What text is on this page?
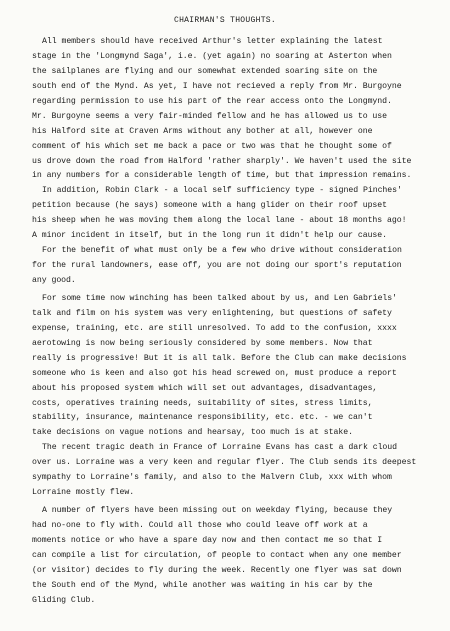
CHAIRMAN'S THOUGHTS.
All members should have received Arthur's letter explaining the latest
stage in the 'Longmynd Saga', i.e. (yet again) no soaring at Asterton when
the sailplanes are flying and our somewhat extended soaring site on the
south end of the Mynd. As yet, I have not recieved a reply from Mr. Burgoyne
regarding permission to use his part of the rear access onto the Longmynd.
Mr. Burgoyne seems a very fair-minded fellow and he has allowed us to use
his Halford site at Craven Arms without any bother at all, however one
comment of his which set me back a pace or two was that he thought some of
us drove down the road from Halford 'rather sharply'. We haven't used the site
in any numbers for a considerable length of time, but that impression remains.
In addition, Robin Clark - a local self sufficiency type - signed Pinches'
petition because (he says) someone with a hang glider on their roof upset
his sheep when he was moving them along the local lane - about 18 months ago!
A minor incident in itself, but in the long run it didn't help our cause.
For the benefit of what must only be a few who drive without consideration
for the rural landowners, ease off, you are not doing our sport's reputation
any good.
For some time now winching has been talked about by us, and Len Gabriels'
talk and film on his system was very enlightening, but questions of safety
expense, training, etc. are still unresolved. To add to the confusion, xxxx
aerotowing is now being seriously considered by some members. Now that
really is progressive! But it is all talk. Before the Club can make decisions
someone who is keen and also got his head screwed on, must produce a report
about his proposed system which will set out advantages, disadvantages,
costs, operatives training needs, suitability of sites, stress limits,
stability, insurance, maintenance responsibility, etc. etc. - we can't
take decisions on vague notions and hearsay, too much is at stake.
The recent tragic death in France of Lorraine Evans has cast a dark cloud
over us. Lorraine was a very keen and regular flyer. The Club sends its deepest
sympathy to Lorraine's family, and also to the Malvern Club, xxx with whom
Lorraine mostly flew.
A number of flyers have been missing out on weekday flying, because they
had no-one to fly with. Could all those who could leave off work at a
moments notice or who have a spare day now and then contact me so that I
can compile a list for circulation, of people to contact when any one member
(or visitor) decides to fly during the week. Recently one flyer was sat down
the South end of the Mynd, while another was waiting in his car by the
Gliding Club.
